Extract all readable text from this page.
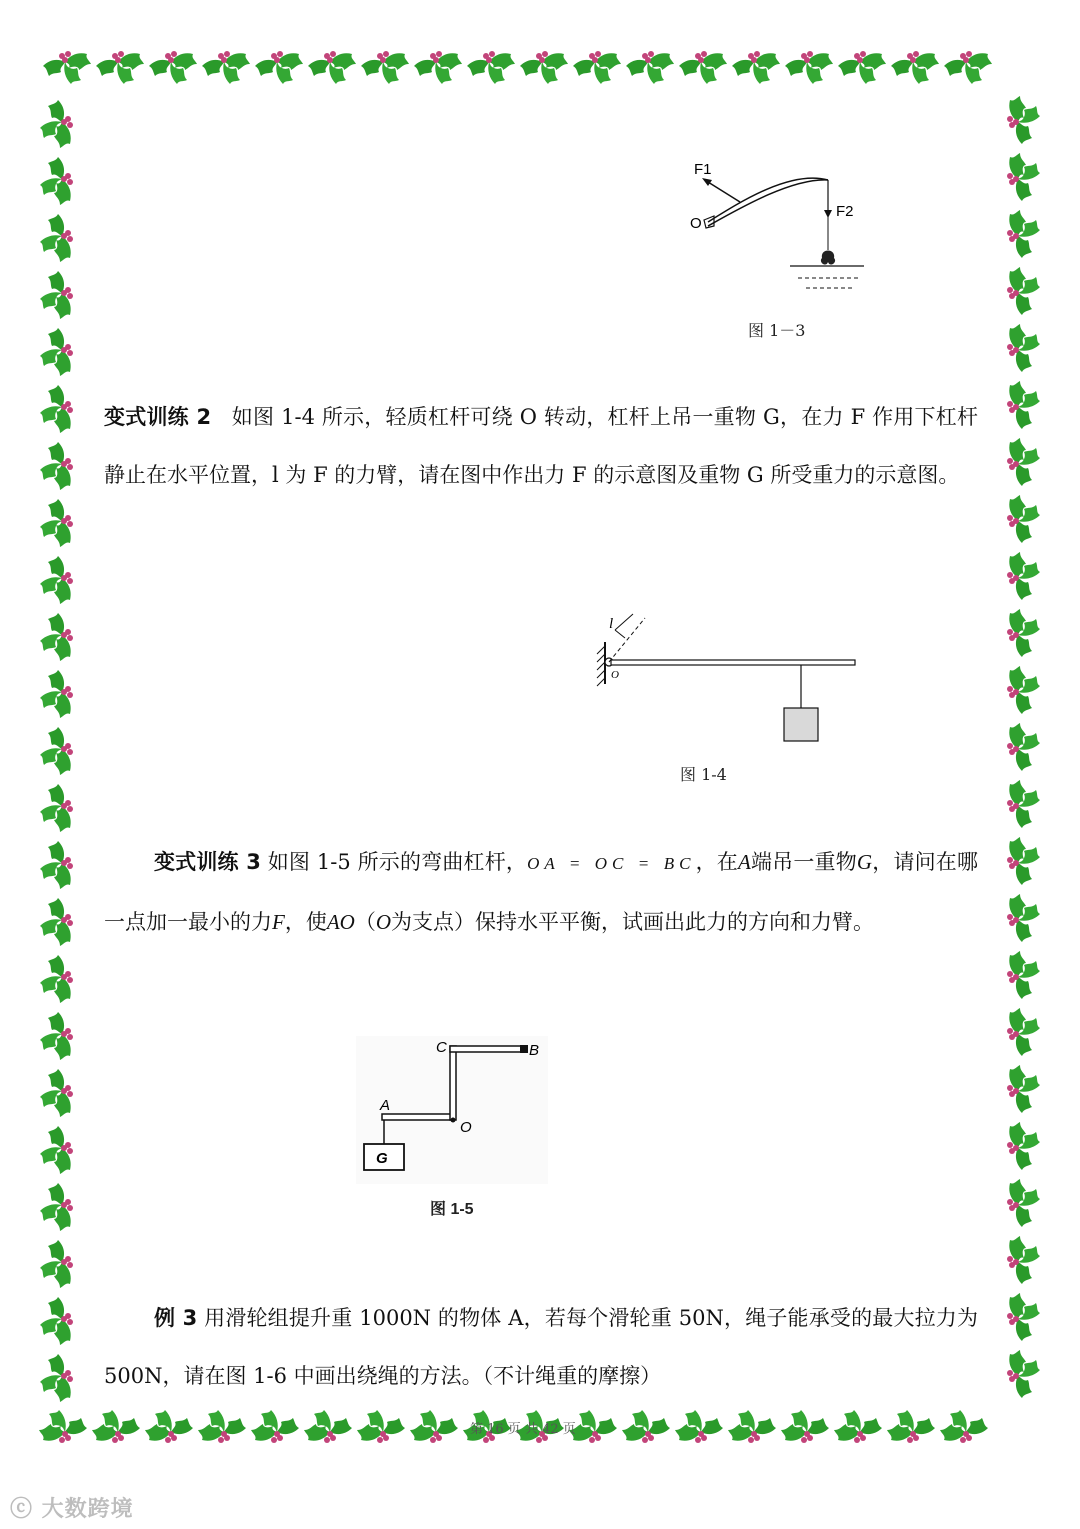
F1
F2
O
图 1－3
变式训练 2 如图 1-4 所示，轻质杠杆可绕 O 转动，杠杆上吊一重物 G，在力 F 作用下杠杆静止在水平位置，l 为 F 的力臂，请在图中作出力 F 的示意图及重物 G 所受重力的示意图。
l
O
图 1-4
变式训练 3 如图 1-5 所示的弯曲杠杆，OA = OC = BC，在A端吊一重物G，请问在哪一点加一最小的力F，使AO（O为支点）保持水平平衡，试画出此力的方向和力臂。
C	B
A
O
G
图 1-5
例 3 用滑轮组提升重 1000N 的物体 A，若每个滑轮重 50N，绳子能承受的最大拉力为 500N，请在图 1-6 中画出绕绳的方法。（不计绳重的摩擦）
第 16 页 共 42 页
ⓒ 大数跨境
